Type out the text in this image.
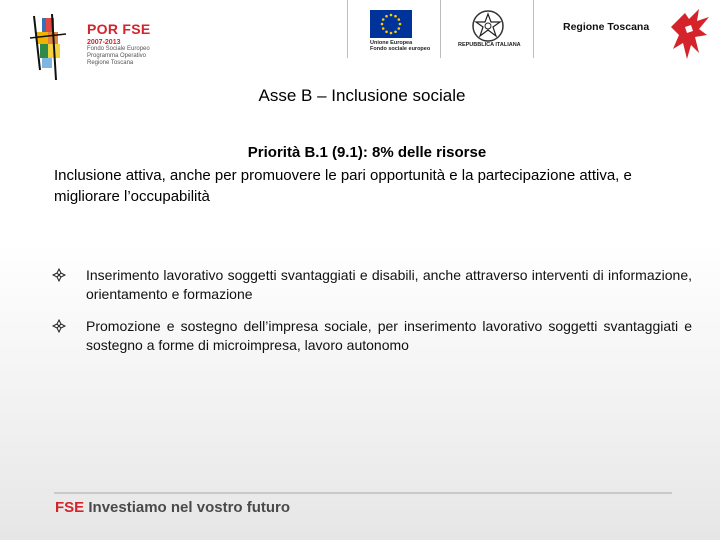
POR FSE
2007-2013
Fondo Sociale Europeo
Programma Operativo
Regione Toscana
Unione Europea
Fondo sociale europeo
REPUBBLICA ITALIANA
Regione Toscana
Asse B – Inclusione sociale
Priorità B.1 (9.1): 8% delle risorse
Inclusione attiva, anche per promuovere le pari opportunità e la partecipazione attiva, e migliorare l’occupabilità
Inserimento lavorativo soggetti svantaggiati e disabili, anche attraverso interventi di informazione, orientamento e formazione
Promozione e sostegno dell’impresa sociale, per inserimento lavorativo soggetti svantaggiati e sostegno a forme di microimpresa, lavoro autonomo
FSE Investiamo nel vostro futuro
